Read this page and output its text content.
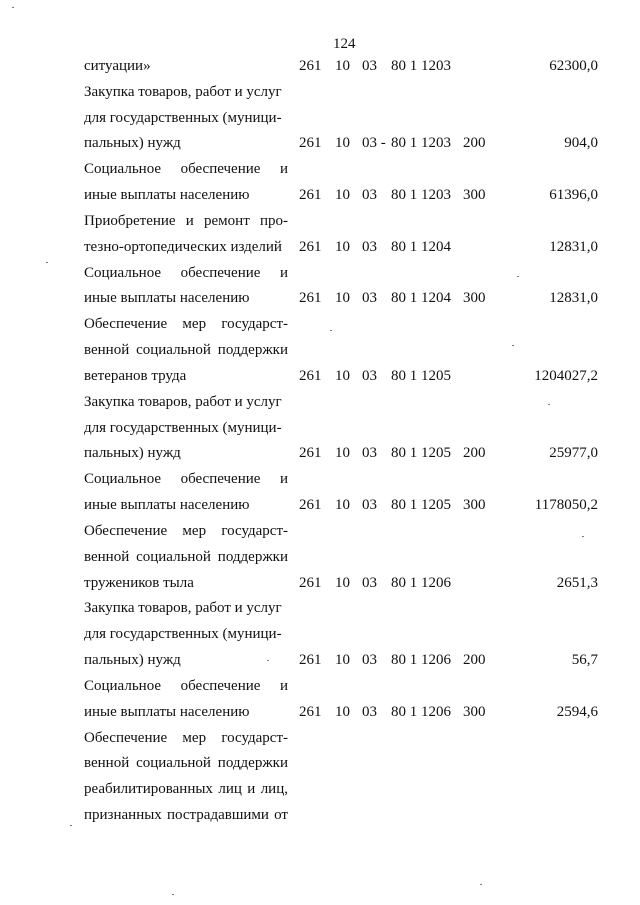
124
ситуации»	261 10 03 80 1 1203	62300,0
Закупка товаров, работ и услуг
для государственных (муници-
пальных) нужд	261 10 03 - 80 1 1203 200	904,0
Социальное обеспечение и
иные выплаты населению	261 10 03 80 1 1203 300	61396,0
Приобретение и ремонт про-
тезно-ортопедических изделий	261 10 03 80 1 1204	12831,0
Социальное обеспечение и
иные выплаты населению	261 10 03 80 1 1204 300	12831,0
Обеспечение мер государст-
венной социальной поддержки
ветеранов труда	261 10 03 80 1 1205	1204027,2
Закупка товаров, работ и услуг
для государственных (муници-
пальных) нужд	261 10 03 80 1 1205 200	25977,0
Социальное обеспечение и
иные выплаты населению	261 10 03 80 1 1205 300	1178050,2
Обеспечение мер государст-
венной социальной поддержки
тружеников тыла	261 10 03 80 1 1206	2651,3
Закупка товаров, работ и услуг
для государственных (муници-
пальных) нужд	261 10 03 80 1 1206 200	56,7
Социальное обеспечение и
иные выплаты населению	261 10 03 80 1 1206 300	2594,6
Обеспечение мер государст-
венной социальной поддержки
реабилитированных лиц и лиц,
признанных пострадавшими от
